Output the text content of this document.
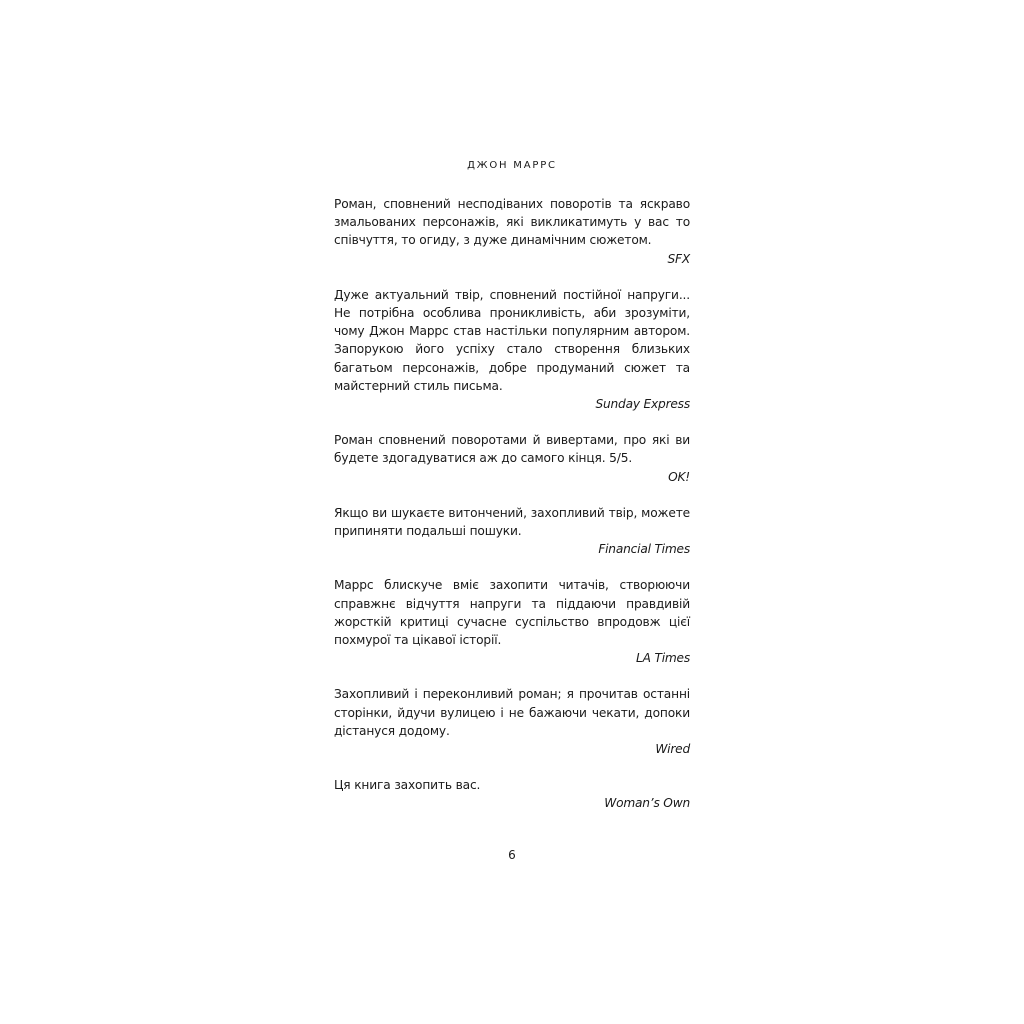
ДЖОН МАРРС

Роман, сповнений несподіваних поворотів та яскраво змальованих персонажів, які викликатимуть у вас то співчуття, то огиду, з дуже динамічним сюжетом.

SFX

Дуже актуальний твір, сповнений постійної напруги... Не потрібна особлива проникливість, аби зрозуміти, чому Джон Маррс став настільки популярним автором. Запорукою його успіху стало створення близьких багатьом персонажів, добре продуманий сюжет та майстерний стиль письма.

Sunday Express

Роман сповнений поворотами й вивертами, про які ви будете здогадуватися аж до самого кінця. 5/5.

OK!

Якщо ви шукаєте витончений, захопливий твір, можете припиняти подальші пошуки.

Financial Times

Маррс блискуче вміє захопити читачів, створюючи справжнє відчуття напруги та піддаючи правдивій жорсткій критиці сучасне суспільство впродовж цієї похмурої та цікавої історії.

LA Times

Захопливий і переконливий роман; я прочитав останні сторінки, йдучи вулицею і не бажаючи чекати, допоки дістануся додому.

Wired

Ця книга захопить вас.

Woman’s Own
6
